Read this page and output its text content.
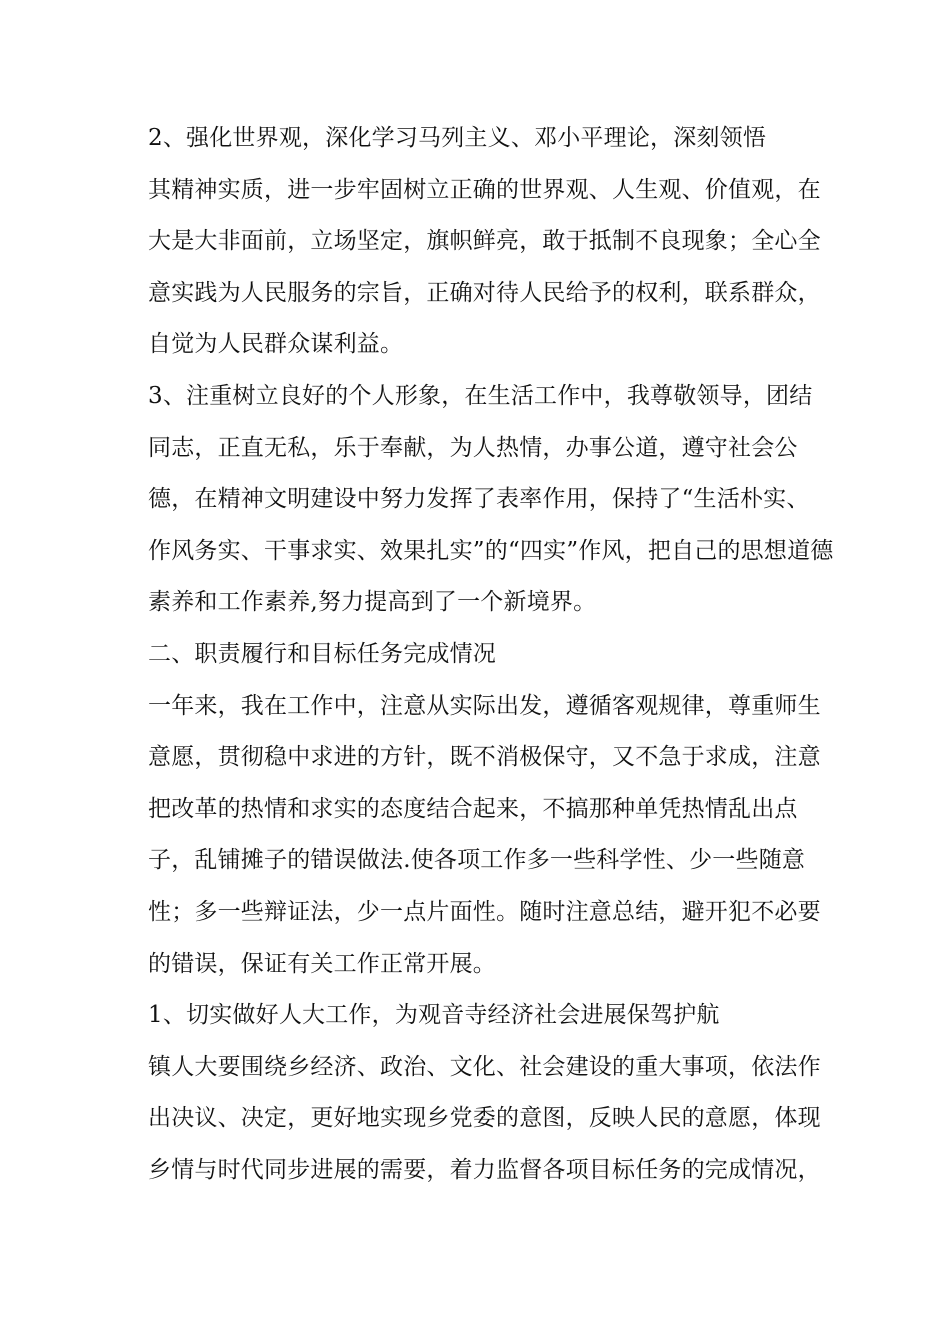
2、强化世界观，深化学习马列主义、邓小平理论，深刻领悟
其精神实质，进一步牢固树立正确的世界观、人生观、价值观，在
大是大非面前，立场坚定，旗帜鲜亮，敢于抵制不良现象；全心全
意实践为人民服务的宗旨，正确对待人民给予的权利，联系群众，
自觉为人民群众谋利益。
3、注重树立良好的个人形象，在生活工作中，我尊敬领导，团结
同志，正直无私，乐于奉献，为人热情，办事公道，遵守社会公
德，在精神文明建设中努力发挥了表率作用，保持了“生活朴实、
作风务实、干事求实、效果扎实”的“四实”作风，把自己的思想道德
素养和工作素养,努力提高到了一个新境界。
二、职责履行和目标任务完成情况
一年来，我在工作中，注意从实际出发，遵循客观规律，尊重师生
意愿，贯彻稳中求进的方针，既不消极保守，又不急于求成，注意
把改革的热情和求实的态度结合起来，不搞那种单凭热情乱出点
子，乱铺摊子的错误做法.使各项工作多一些科学性、少一些随意
性；多一些辩证法，少一点片面性。随时注意总结，避开犯不必要
的错误，保证有关工作正常开展。
1、切实做好人大工作，为观音寺经济社会进展保驾护航
镇人大要围绕乡经济、政治、文化、社会建设的重大事项，依法作
出决议、决定，更好地实现乡党委的意图，反映人民的意愿，体现
乡情与时代同步进展的需要，着力监督各项目标任务的完成情况，
